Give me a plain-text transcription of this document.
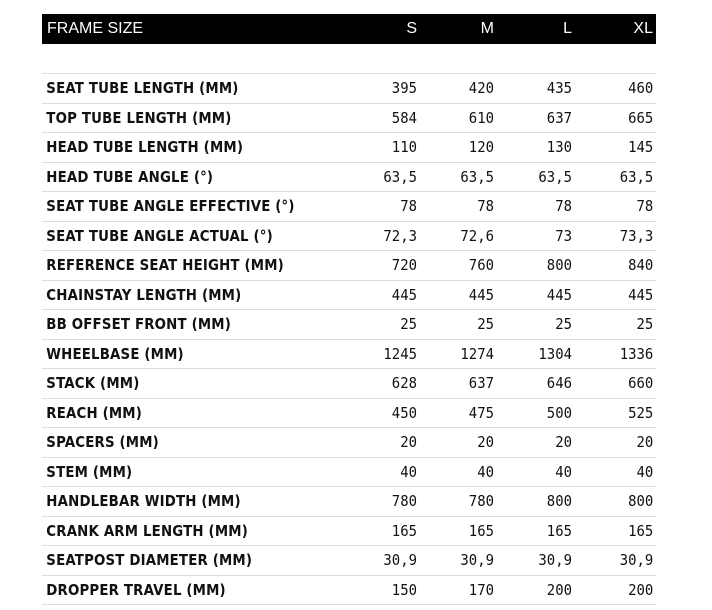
FRAME SIZE	S	M	L	XL
SEAT TUBE LENGTH (MM)	395	420	435	460
TOP TUBE LENGTH (MM)	584	610	637	665
HEAD TUBE LENGTH (MM)	110	120	130	145
HEAD TUBE ANGLE (°)	63,5	63,5	63,5	63,5
SEAT TUBE ANGLE EFFECTIVE (°)	78	78	78	78
SEAT TUBE ANGLE ACTUAL (°)	72,3	72,6	73	73,3
REFERENCE SEAT HEIGHT (MM)	720	760	800	840
CHAINSTAY LENGTH (MM)	445	445	445	445
BB OFFSET FRONT (MM)	25	25	25	25
WHEELBASE (MM)	1245	1274	1304	1336
STACK (MM)	628	637	646	660
REACH (MM)	450	475	500	525
SPACERS (MM)	20	20	20	20
STEM (MM)	40	40	40	40
HANDLEBAR WIDTH (MM)	780	780	800	800
CRANK ARM LENGTH (MM)	165	165	165	165
SEATPOST DIAMETER (MM)	30,9	30,9	30,9	30,9
DROPPER TRAVEL (MM)	150	170	200	200
